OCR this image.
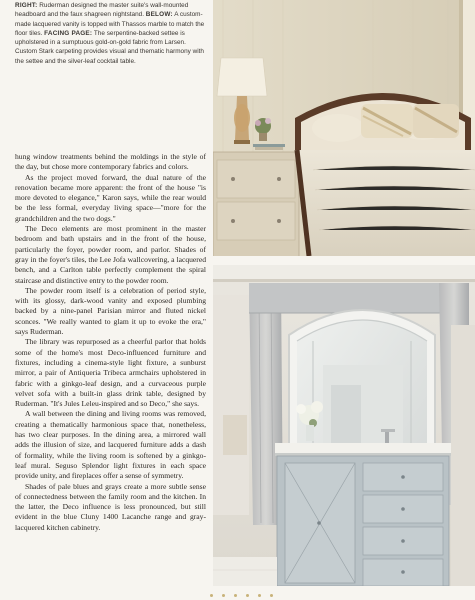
RIGHT: Ruderman designed the master suite's wall-mounted headboard and the faux shagreen nightstand. BELOW: A custom-made lacquered vanity is topped with Thassos marble to match the floor tiles. FACING PAGE: The serpentine-backed settee is upholstered in a sumptuous gold-on-gold fabric from Larsen. Custom Stark carpeting provides visual and thematic harmony with the settee and the silver-leaf cocktail table.

hung window treatments behind the moldings in the style of the day, but chose more contemporary fabrics and colors.

As the project moved forward, the dual nature of the renovation became more apparent: the front of the house "is more devoted to elegance," Karon says, while the rear would be the less formal, everyday living space—"more for the grandchildren and the two dogs."

The Deco elements are most prominent in the master bedroom and bath upstairs and in the front of the house, particularly the foyer, powder room, and parlor. Shades of gray in the foyer's tiles, the Lee Jofa wallcovering, a lacquered bench, and a Carlton table perfectly complement the spiral staircase and distinctive entry to the powder room.

The powder room itself is a celebration of period style, with its glossy, dark-wood vanity and exposed plumbing backed by a nine-panel Parisian mirror and fluted nickel sconces. "We really wanted to glam it up to evoke the era," says Ruderman.

The library was repurposed as a cheerful parlor that holds some of the home's most Deco-influenced furniture and fixtures, including a cinema-style light fixture, a sunburst mirror, a pair of Antiqueria Tribeca armchairs upholstered in fabric with a ginkgo-leaf design, and a curvaceous purple velvet sofa with a built-in glass drink table, designed by Ruderman. "It's Jules Leleu-inspired and so Deco," she says.

A wall between the dining and living rooms was removed, creating a thematically harmonious space that, nonetheless, has two clear purposes. In the dining area, a mirrored wall adds the illusion of size, and lacquered furniture adds a dash of formality, while the living room is softened by a ginkgo-leaf mural. Seguso Splendor light fixtures in each space provide unity, and fireplaces offer a sense of symmetry.

Shades of pale blues and grays create a more subtle sense of connectedness between the family room and the kitchen. In the latter, the Deco influence is less pronounced, but still evident in the blue Cluny 1400 Lacanche range and gray-lacquered kitchen cabinetry.
